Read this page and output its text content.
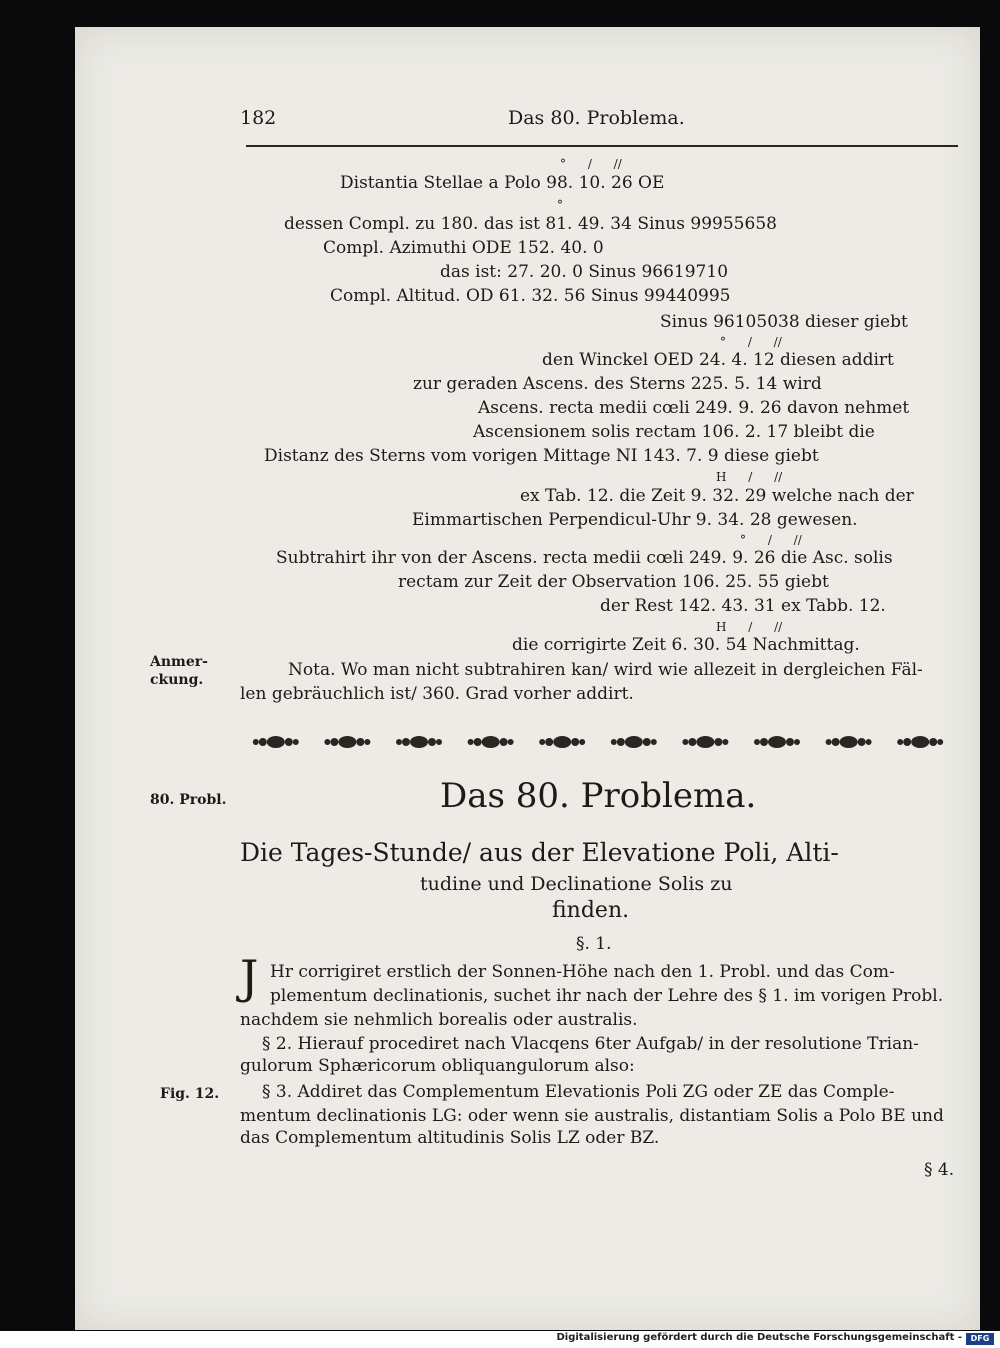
182	Das 80. Problema.
° / //
Distantia Stellae a Polo 98. 10. 26 OE
°
dessen Compl. zu 180. das ist 81. 49. 34 Sinus 99955658
Compl. Azimuthi ODE 152. 40. 0
das ist: 27. 20. 0 Sinus 96619710
Compl. Altitud. OD 61. 32. 56 Sinus 99440995
Sinus 96105038 dieser giebt
° / //
den Winckel OED 24. 4. 12 diesen addirt
zur geraden Ascens. des Sterns 225. 5. 14 wird
Ascens. recta medii cœli 249. 9. 26 davon nehmet
Ascensionem solis rectam 106. 2. 17 bleibt die
Distanz des Sterns vom vorigen Mittage NI 143. 7. 9 diese giebt
H / //
ex Tab. 12. die Zeit 9. 32. 29 welche nach der
Eimmartischen Perpendicul-Uhr 9. 34. 28 gewesen.
° / //
Subtrahirt ihr von der Ascens. recta medii cœli 249. 9. 26 die Asc. solis
rectam zur Zeit der Observation 106. 25. 55 giebt
der Rest 142. 43. 31 ex Tabb. 12.
H / //
die corrigirte Zeit 6. 30. 54 Nachmittag.
Anmer-
ckung.	Nota. Wo man nicht subtrahiren kan/ wird wie allezeit in dergleichen Fäl-
len gebräuchlich ist/ 360. Grad vorher addirt.
80. Probl.	Das 80. Problema.
Die Tages-Stunde/ aus der Elevatione Poli, Alti-
tudine und Declinatione Solis zu
finden.
§. 1.
J Hr corrigiret erstlich der Sonnen-Höhe nach den 1. Probl. und das Com-
plementum declinationis, suchet ihr nach der Lehre des § 1. im vorigen Probl.
nachdem sie nehmlich borealis oder australis.
§ 2. Hierauf procediret nach Vlacqens 6ter Aufgab/ in der resolutione Trian-
gulorum Sphæricorum obliquangulorum also:
Fig. 12.	§ 3. Addiret das Complementum Elevationis Poli ZG oder ZE das Comple-
mentum declinationis LG: oder wenn sie australis, distantiam Solis a Polo BE und
das Complementum altitudinis Solis LZ oder BZ.
§ 4.
Digitalisierung gefördert durch die Deutsche Forschungsgemeinschaft -	DFG
